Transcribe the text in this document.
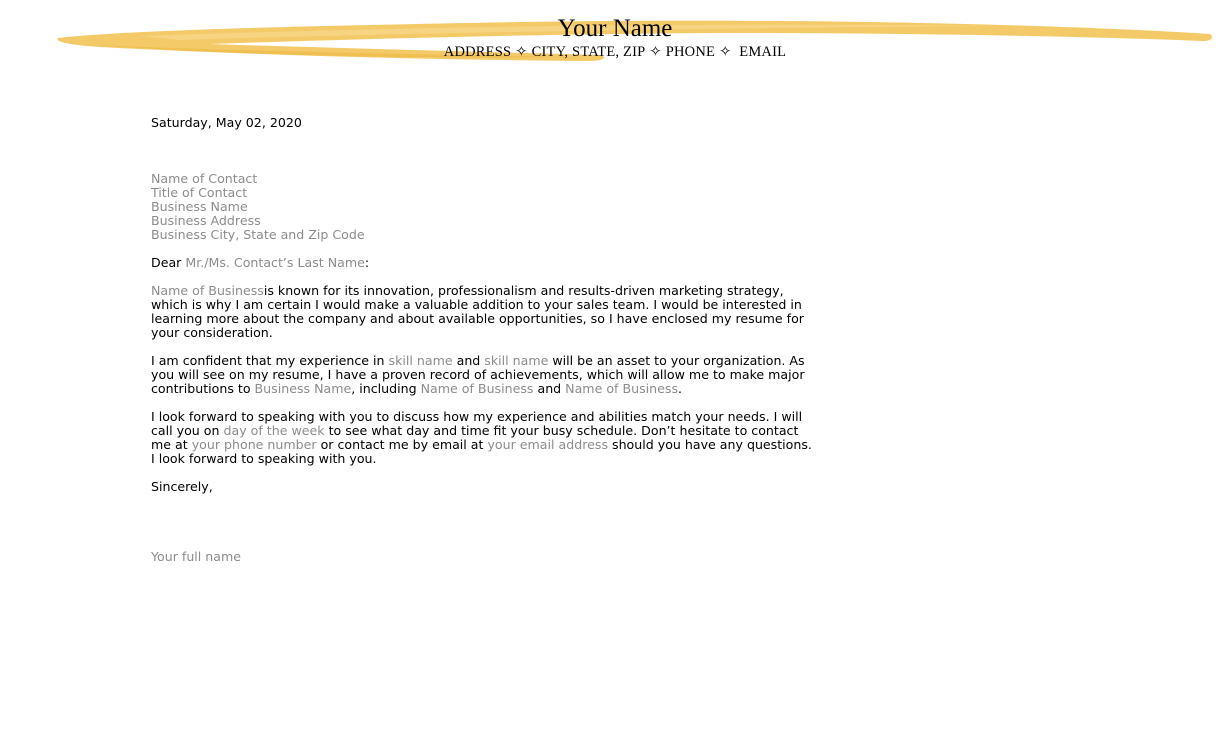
Your Name
ADDRESS ✧ CITY, STATE, ZIP ✧ PHONE ✧ EMAIL
Saturday, May 02, 2020
Name of Contact
Title of Contact
Business Name
Business Address
Business City, State and Zip Code
Dear Mr./Ms. Contact’s Last Name:
Name of Businessis known for its innovation, professionalism and results-driven marketing strategy,
which is why I am certain I would make a valuable addition to your sales team. I would be interested in
learning more about the company and about available opportunities, so I have enclosed my resume for
your consideration.
I am confident that my experience in skill name and skill name will be an asset to your organization. As
you will see on my resume, I have a proven record of achievements, which will allow me to make major
contributions to Business Name, including Name of Business and Name of Business.
I look forward to speaking with you to discuss how my experience and abilities match your needs. I will
call you on day of the week to see what day and time fit your busy schedule. Don’t hesitate to contact
me at your phone number or contact me by email at your email address should you have any questions.
I look forward to speaking with you.
Sincerely,
Your full name
